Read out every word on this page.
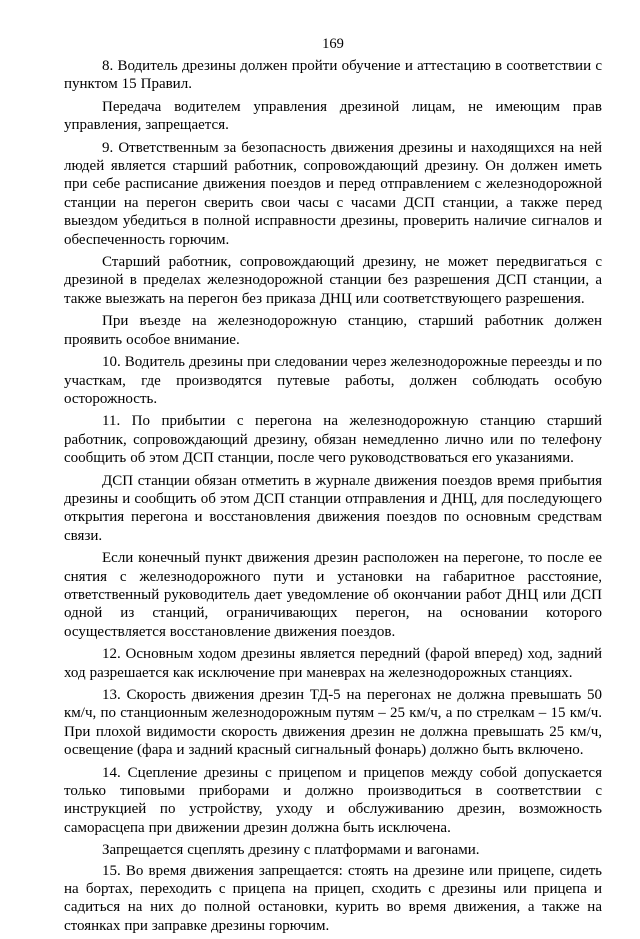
169

8. Водитель дрезины должен пройти обучение и аттестацию в соответствии с пунктом 15 Правил.

Передача водителем управления дрезиной лицам, не имеющим прав управления, запрещается.

9. Ответственным за безопасность движения дрезины и находящихся на ней людей является старший работник, сопровождающий дрезину. Он должен иметь при себе расписание движения поездов и перед отправлением с железнодорожной станции на перегон сверить свои часы с часами ДСП станции, а также перед выездом убедиться в полной исправности дрезины, проверить наличие сигналов и обеспеченность горючим.

Старший работник, сопровождающий дрезину, не может передвигаться с дрезиной в пределах железнодорожной станции без разрешения ДСП станции, а также выезжать на перегон без приказа ДНЦ или соответствующего разрешения.

При въезде на железнодорожную станцию, старший работник должен проявить особое внимание.

10. Водитель дрезины при следовании через железнодорожные переезды и по участкам, где производятся путевые работы, должен соблюдать особую осторожность.

11. По прибытии с перегона на железнодорожную станцию старший работник, сопровождающий дрезину, обязан немедленно лично или по телефону сообщить об этом ДСП станции, после чего руководствоваться его указаниями.

ДСП станции обязан отметить в журнале движения поездов время прибытия дрезины и сообщить об этом ДСП станции отправления и ДНЦ, для последующего открытия перегона и восстановления движения поездов по основным средствам связи.

Если конечный пункт движения дрезин расположен на перегоне, то после ее снятия с железнодорожного пути и установки на габаритное расстояние, ответственный руководитель дает уведомление об окончании работ ДНЦ или ДСП одной из станций, ограничивающих перегон, на основании которого осуществляется восстановление движения поездов.

12. Основным ходом дрезины является передний (фарой вперед) ход, задний ход разрешается как исключение при маневрах на железнодорожных станциях.

13. Скорость движения дрезин ТД-5 на перегонах не должна превышать 50 км/ч, по станционным железнодорожным путям – 25 км/ч, а по стрелкам – 15 км/ч. При плохой видимости скорость движения дрезин не должна превышать 25 км/ч, освещение (фара и задний красный сигнальный фонарь) должно быть включено.

14. Сцепление дрезины с прицепом и прицепов между собой допускается только типовыми приборами и должно производиться в соответствии с инструкцией по устройству, уходу и обслуживанию дрезин, возможность саморасцепа при движении дрезин должна быть исключена.

Запрещается сцеплять дрезину с платформами и вагонами.

15. Во время движения запрещается: стоять на дрезине или прицепе, сидеть на бортах, переходить с прицепа на прицеп, сходить с дрезины или прицепа и садиться на них до полной остановки, курить во время движения, а также на стоянках при заправке дрезины горючим.
